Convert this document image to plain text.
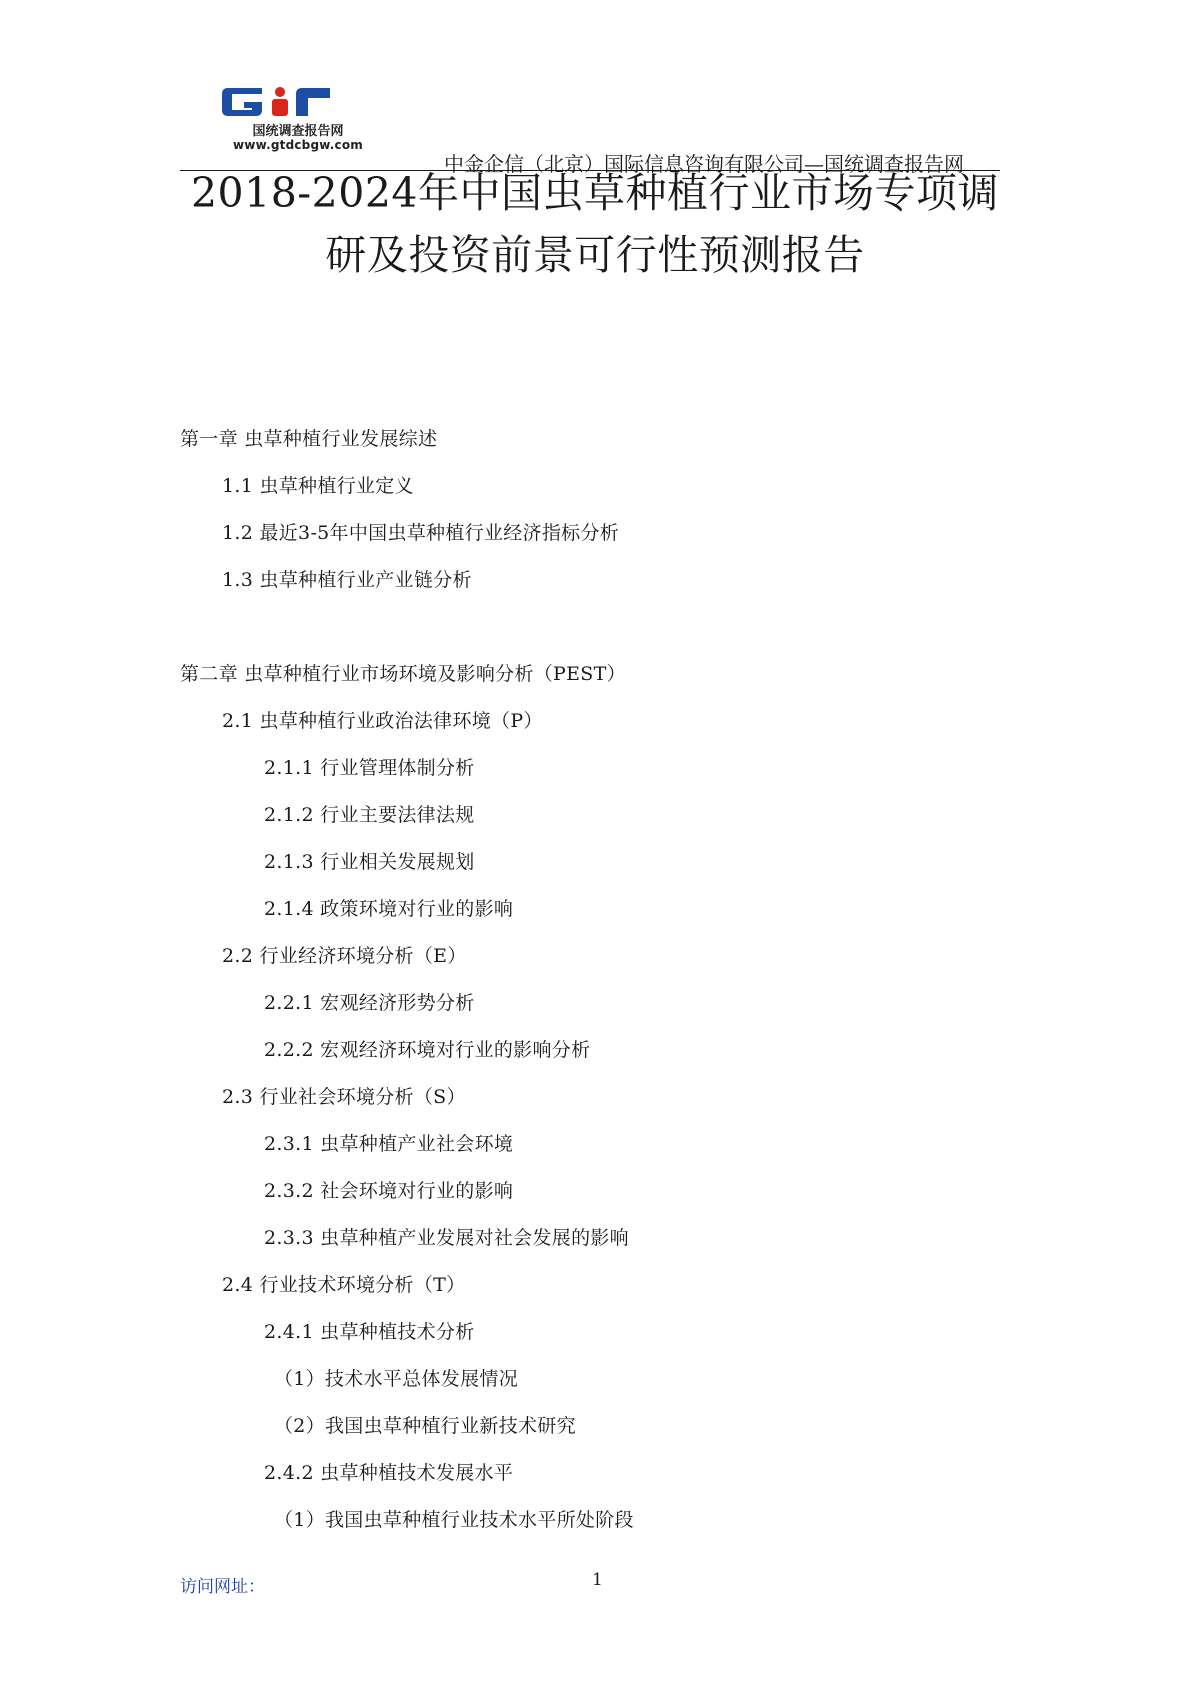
国统调查报告网
www.gtdcbgw.com
中金企信（北京）国际信息咨询有限公司—国统调查报告网
2018-2024年中国虫草种植行业市场专项调
研及投资前景可行性预测报告
第一章 虫草种植行业发展综述
1.1 虫草种植行业定义
1.2 最近3-5年中国虫草种植行业经济指标分析
1.3 虫草种植行业产业链分析
第二章 虫草种植行业市场环境及影响分析（PEST）
2.1 虫草种植行业政治法律环境（P）
2.1.1 行业管理体制分析
2.1.2 行业主要法律法规
2.1.3 行业相关发展规划
2.1.4 政策环境对行业的影响
2.2 行业经济环境分析（E）
2.2.1 宏观经济形势分析
2.2.2 宏观经济环境对行业的影响分析
2.3 行业社会环境分析（S）
2.3.1 虫草种植产业社会环境
2.3.2 社会环境对行业的影响
2.3.3 虫草种植产业发展对社会发展的影响
2.4 行业技术环境分析（T）
2.4.1 虫草种植技术分析
（1）技术水平总体发展情况
（2）我国虫草种植行业新技术研究
2.4.2 虫草种植技术发展水平
（1）我国虫草种植行业技术水平所处阶段
访问网址：	1
